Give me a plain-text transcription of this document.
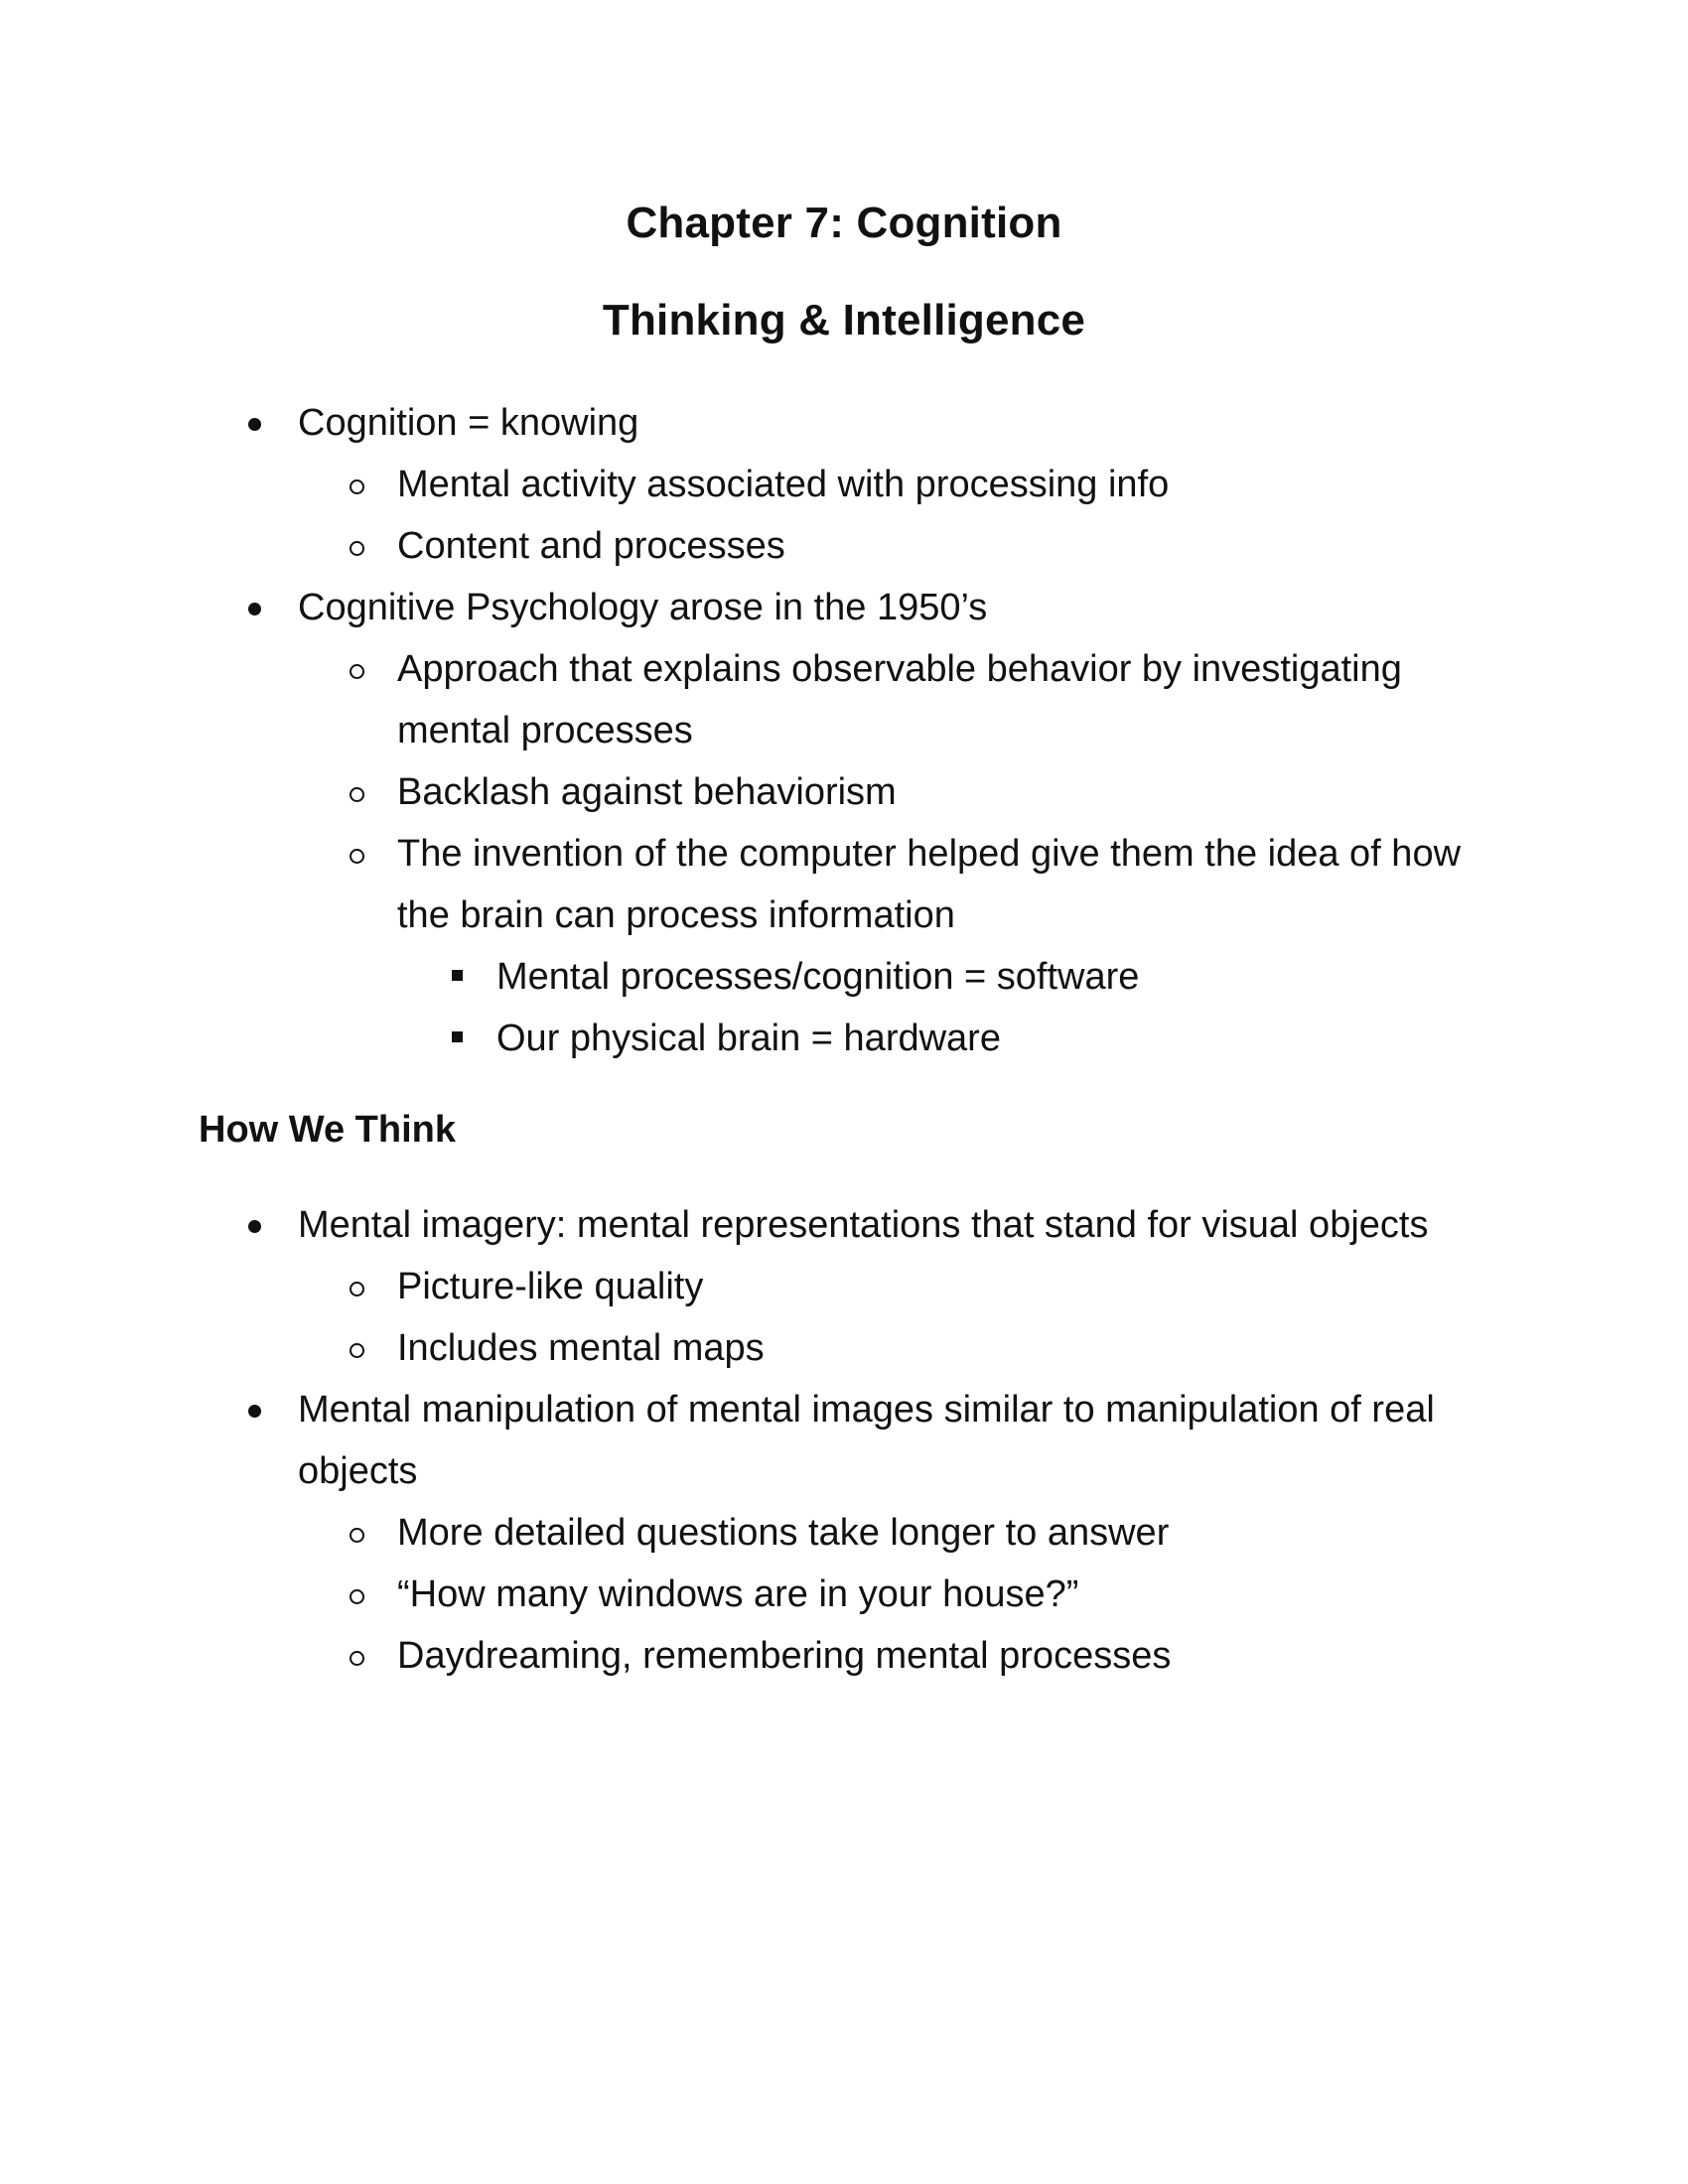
Chapter 7: Cognition
Thinking & Intelligence
Cognition = knowing
Mental activity associated with processing info
Content and processes
Cognitive Psychology arose in the 1950’s
Approach that explains observable behavior by investigating mental processes
Backlash against behaviorism
The invention of the computer helped give them the idea of how the brain can process information
Mental processes/cognition = software
Our physical brain = hardware
How We Think
Mental imagery: mental representations that stand for visual objects
Picture-like quality
Includes mental maps
Mental manipulation of mental images similar to manipulation of real objects
More detailed questions take longer to answer
“How many windows are in your house?”
Daydreaming, remembering mental processes
